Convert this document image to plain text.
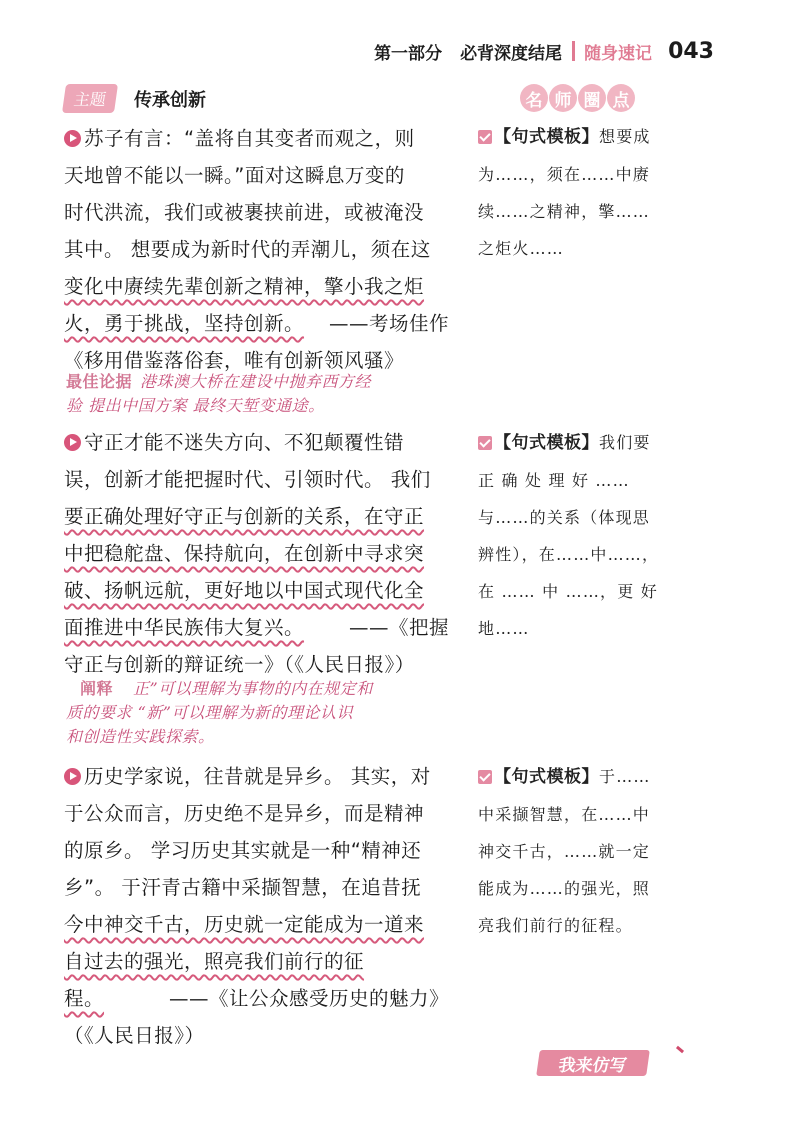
第一部分 必背深度结尾 随身速记 043
主题	传承创新	名 师 圈 点
苏子有言：“盖将自其变者而观之，则
天地曾不能以一瞬。”面对这瞬息万变的
时代洪流，我们或被裹挟前进，或被淹没
其中。 想要成为新时代的弄潮儿，须在这
变化中赓续先辈创新之精神，擎小我之炬
火，勇于挑战，坚持创新。 ——考场佳作
《移用借鉴落俗套，唯有创新领风骚》
最佳论据 港珠澳大桥在建设中抛弃西方经
验 提出中国方案 最终天堑变通途。
守正才能不迷失方向、不犯颠覆性错
误，创新才能把握时代、引领时代。 我们
要正确处理好守正与创新的关系，在守正
中把稳舵盘、保持航向，在创新中寻求突
破、扬帆远航，更好地以中国式现代化全
面推进中华民族伟大复兴。 ——《把握
守正与创新的辩证统一》（《人民日报》）
阐释 正”可以理解为事物的内在规定和
质的要求 “新”可以理解为新的理论认识
和创造性实践探索。
历史学家说，往昔就是异乡。 其实，对
于公众而言，历史绝不是异乡，而是精神
的原乡。 学习历史其实就是一种“精神还
乡”。 于汗青古籍中采撷智慧，在追昔抚
今中神交千古，历史就一定能成为一道来
自过去的强光，照亮我们前行的征
程。	——《让公众感受历史的魅力》
（《人民日报》）
【句式模板】想要成
为……，须在……中赓
续……之精神，擎……
之炬火……
【句式模板】我们要
正 确 处 理 好 ……
与……的关系（体现思
辨性），在……中……，
在 …… 中 ……，更 好
地……
【句式模板】于……
中采撷智慧，在……中
神交千古，……就一定
能成为……的强光，照
亮我们前行的征程。
我来仿写
